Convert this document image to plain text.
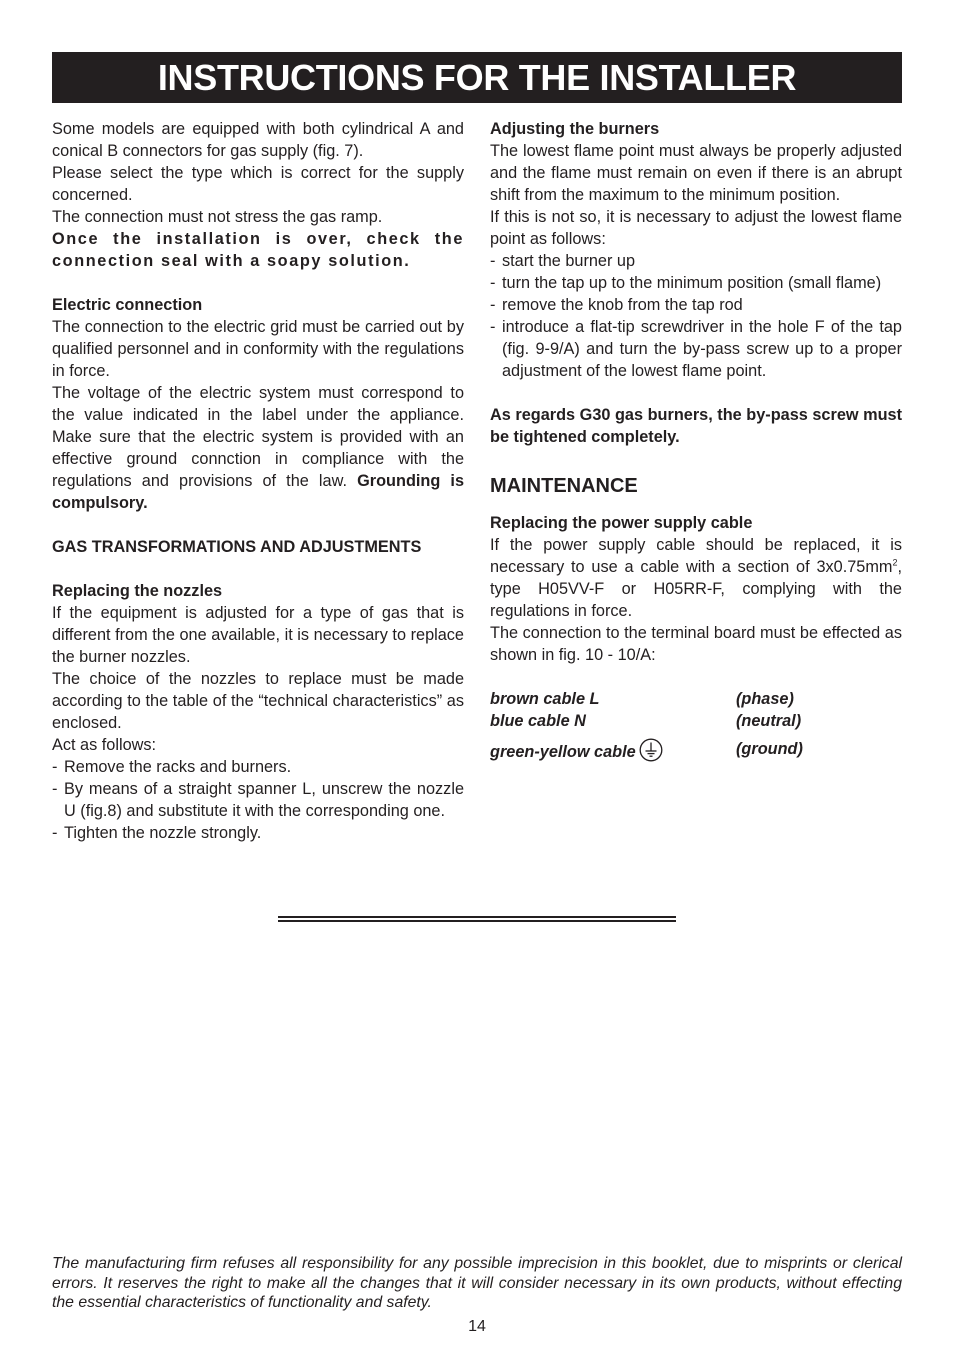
INSTRUCTIONS FOR THE INSTALLER

Some models are equipped with both cylindrical A and conical B connectors for gas supply (fig. 7).

Please select the type which is correct for the supply concerned.

The connection must not stress the gas ramp.

Once the installation is over, check the connection seal with a soapy solution.

Electric connection

The connection to the electric grid must be carried out by qualified personnel and in conformity with the regulations in force.

The voltage of the electric system must correspond to the value indicated in the label under the appliance. Make sure that the electric system is provided with an effective ground connction in compliance with the regulations and provisions of the law. Grounding is compulsory.

GAS TRANSFORMATIONS AND ADJUSTMENTS

Replacing the nozzles

If the equipment is adjusted for a type of gas that is different from the one available, it is necessary to replace the burner nozzles.

The choice of the nozzles to replace must be made according to the table of the “technical characteristics” as enclosed.

Act as follows:

- Remove the racks and burners.

- By means of a straight spanner L, unscrew the nozzle U (fig.8) and substitute it with the corresponding one.

- Tighten the nozzle strongly.

Adjusting the burners

The lowest flame point must always be properly adjusted and the flame must remain on even if there is an abrupt shift from the maximum to the minimum position.

If this is not so, it is necessary to adjust the lowest flame point as follows:

- start the burner up

- turn the tap up to the minimum position (small flame)

- remove the knob from the tap rod

- introduce a flat-tip screwdriver in the hole F of the tap (fig. 9-9/A) and turn the by-pass screw up to a proper adjustment of the lowest flame point.

As regards G30 gas burners, the by-pass screw must be tightened completely.

MAINTENANCE

Replacing the power supply cable

If the power supply cable should be replaced, it is necessary to use a cable with a section of $3x0.75mm^2$, type H05VV-F or H05RR-F, complying with the regulations in force.

The connection to the terminal board must be effected as shown in fig. 10 - 10/A:

brown cable L	(phase)
blue cable N	(neutral)
green-yellow cable	(ground)
The manufacturing firm refuses all responsibility for any possible imprecision in this booklet, due to misprints or clerical errors. It reserves the right to make all the changes that it will consider necessary in its own products, without effecting the essential characteristics of functionality and safety.
14
